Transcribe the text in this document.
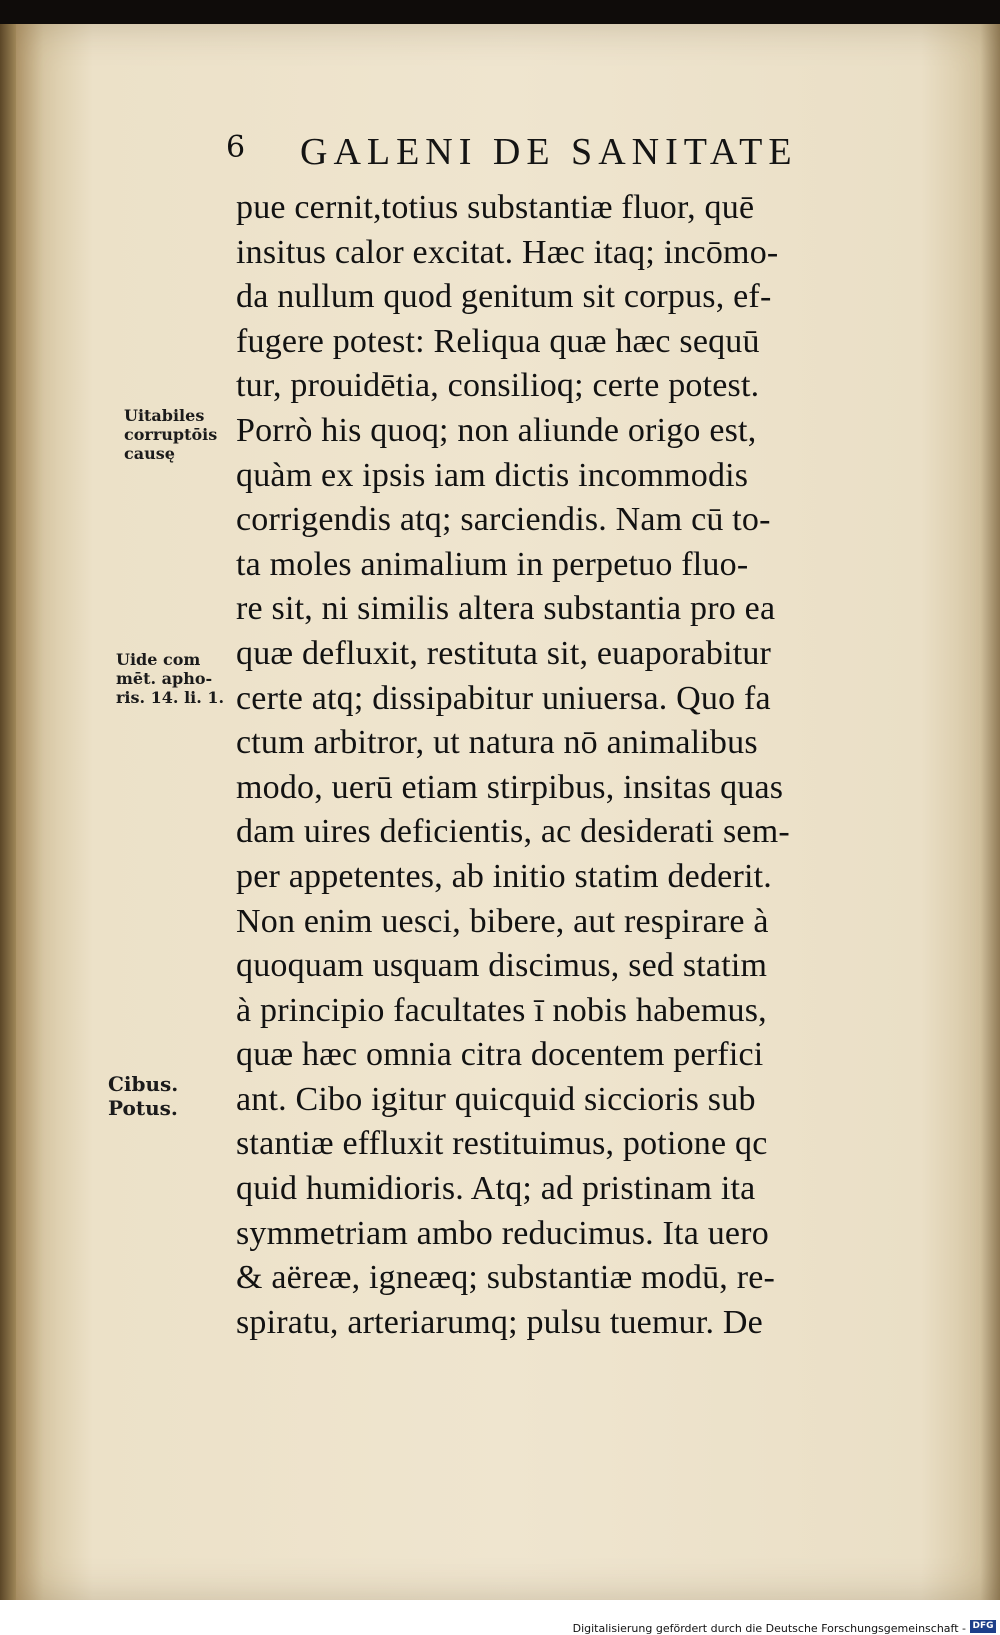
6 GALENI DE SANITATE
pue cernit,totius substantiæ fluor, quē
insitus calor excitat. Hæc itaq; incōmo-
da nullum quod genitum sit corpus, ef-
fugere potest: Reliqua quæ hæc sequū
tur, prouidētia, consilioq; certe potest.
Porrò his quoq; non aliunde origo est,
quàm ex ipsis iam dictis incommodis
corrigendis atq; sarciendis. Nam cū to-
ta moles animalium in perpetuo fluo-
re sit, ni similis altera substantia pro ea
quæ defluxit, restituta sit, euaporabitur
certe atq; dissipabitur uniuersa. Quo fa
ctum arbitror, ut natura nō animalibus
modo, uerū etiam stirpibus, insitas quas
dam uires deficientis, ac desiderati sem-
per appetentes, ab initio statim dederit.
Non enim uesci, bibere, aut respirare à
quoquam usquam discimus, sed statim
à principio facultates ī nobis habemus,
quæ hæc omnia citra docentem perfici
ant. Cibo igitur quicquid siccioris sub
stantiæ effluxit restituimus, potione qc
quid humidioris. Atq; ad pristinam ita
symmetriam ambo reducimus. Ita uero
& aëreæ, igneæq; substantiæ modū, re-
spiratu, arteriarumq; pulsu tuemur. De
Uitabiles
corruptōis
causę
Uide com
mēt. apho-
ris. 14. li. 1.
Cibus.
Potus.
Digitalisierung gefördert durch die Deutsche Forschungsgemeinschaft - DFG
